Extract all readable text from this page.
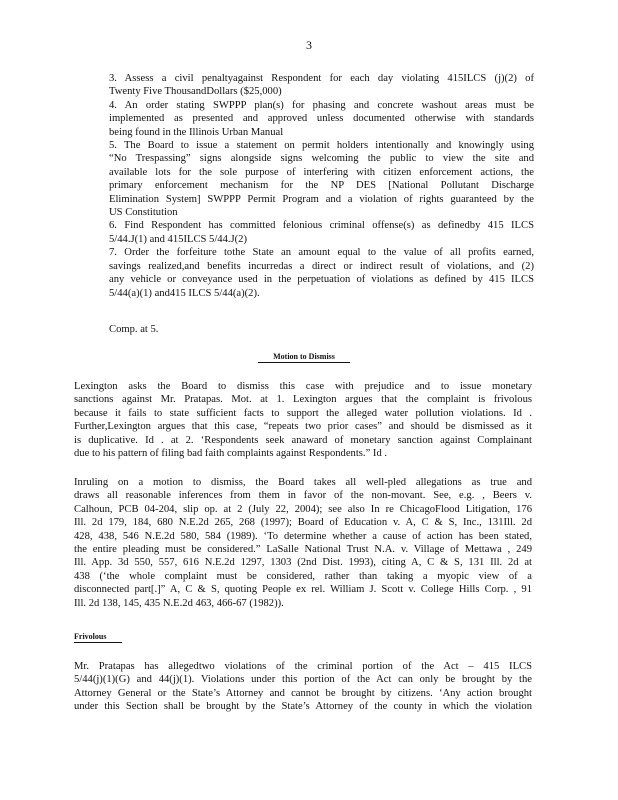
3
3. Assess a civil penaltyagainst Respondent for each day violating 415ILCS (j)(2) of
Twenty Five ThousandDollars ($25,000)
4. An order stating SWPPP plan(s) for phasing and concrete washout areas must be
implemented as presented and approved unless documented otherwise with standards
being found in the Illinois Urban Manual
5. The Board to issue a statement on permit holders intentionally and knowingly using
“No Trespassing” signs alongside signs welcoming the public to view the site and
available lots for the sole purpose of interfering with citizen enforcement actions, the
primary enforcement mechanism for the NP DES [National Pollutant Discharge
Elimination System] SWPPP Permit Program and a violation of rights guaranteed by the
US Constitution
6. Find Respondent has committed felonious criminal offense(s) as definedby 415 ILCS
5/44.J(1) and 415ILCS 5/44.J(2)
7. Order the forfeiture tothe State an amount equal to the value of all profits earned,
savings realized,and benefits incurredas a direct or indirect result of violations, and (2)
any vehicle or conveyance used in the perpetuation of violations as defined by 415 ILCS
5/44(a)(1) and415 ILCS 5/44(a)(2).
Comp. at 5.
Motion to Dismiss
Lexington asks the Board to dismiss this case with prejudice and to issue monetary
sanctions against Mr. Pratapas. Mot. at 1. Lexington argues that the complaint is frivolous
because it fails to state sufficient facts to support the alleged water pollution violations. Id .
Further,Lexington argues that this case, “repeats two prior cases” and should be dismissed as it
is duplicative. Id . at 2. ‘Respondents seek anaward of monetary sanction against Complainant
due to his pattern of filing bad faith complaints against Respondents.” Id .
Inruling on a motion to dismiss, the Board takes all well-pled allegations as true and
draws all reasonable inferences from them in favor of the non-movant. See, e.g. , Beers v.
Calhoun, PCB 04-204, slip op. at 2 (July 22, 2004); see also In re ChicagoFlood Litigation, 176
Ill. 2d 179, 184, 680 N.E.2d 265, 268 (1997); Board of Education v. A, C & S, Inc., 131Ill. 2d
428, 438, 546 N.E.2d 580, 584 (1989). ‘To determine whether a cause of action has been stated,
the entire pleading must be considered.” LaSalle National Trust N.A. v. Village of Mettawa , 249
Ill. App. 3d 550, 557, 616 N.E.2d 1297, 1303 (2nd Dist. 1993), citing A, C & S, 131 Ill. 2d at
438 (‘the whole complaint must be considered, rather than taking a myopic view of a
disconnected part[.]” A, C & S, quoting People ex rel. William J. Scott v. College Hills Corp. , 91
Ill. 2d 138, 145, 435 N.E.2d 463, 466-67 (1982)).
Frivolous
Mr. Pratapas has allegedtwo violations of the criminal portion of the Act – 415 ILCS
5/44(j)(1)(G) and 44(j)(1). Violations under this portion of the Act can only be brought by the
Attorney General or the State’s Attorney and cannot be brought by citizens. ‘Any action brought
under this Section shall be brought by the State’s Attorney of the county in which the violation
